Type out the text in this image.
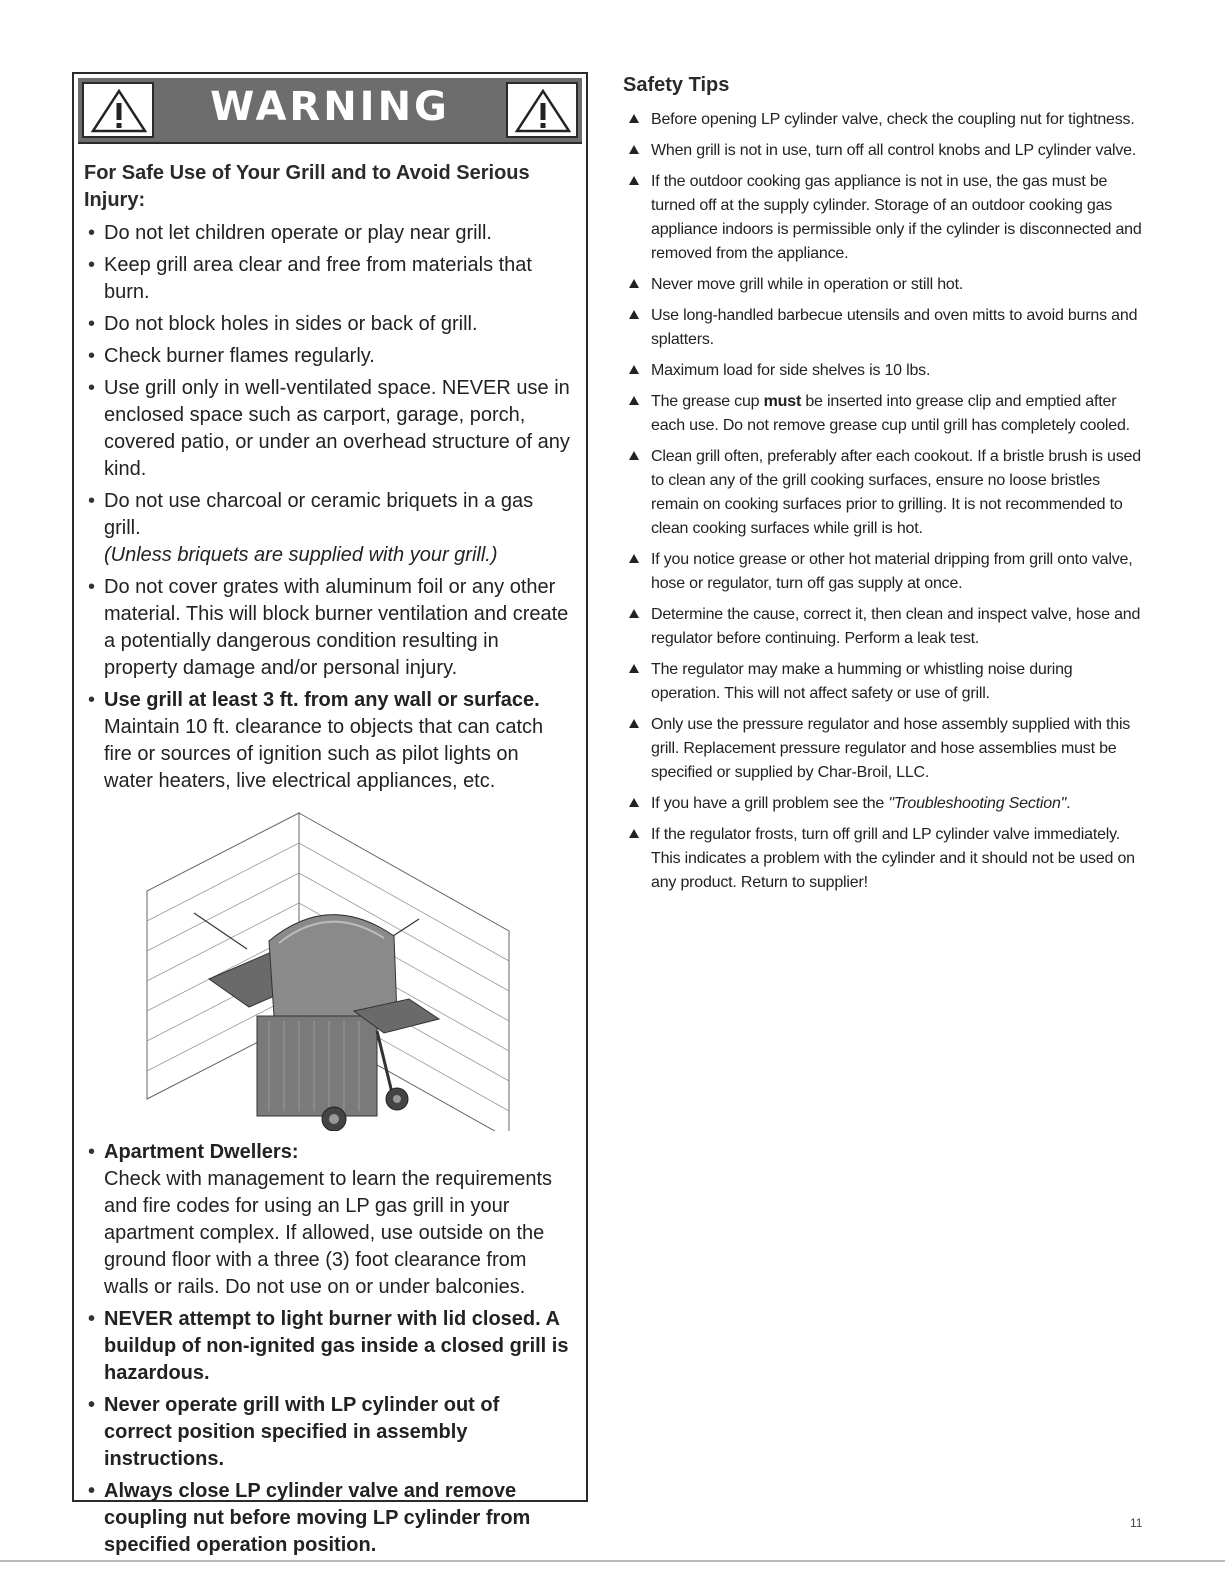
WARNING

For Safe Use of Your Grill and to Avoid Serious Injury:

• Do not let children operate or play near grill.
• Keep grill area clear and free from materials that burn.
• Do not block holes in sides or back of grill.
• Check burner flames regularly.
• Use grill only in well-ventilated space. NEVER use in enclosed space such as carport, garage, porch, covered patio, or under an overhead structure of any kind.
• Do not use charcoal or ceramic briquets in a gas grill.
(Unless briquets are supplied with your grill.)
• Do not cover grates with aluminum foil or any other material. This will block burner ventilation and create a potentially dangerous condition resulting in property damage and/or personal injury.
• Use grill at least 3 ft. from any wall or surface.
Maintain 10 ft. clearance to objects that can catch fire or sources of ignition such as pilot lights on water heaters, live electrical appliances, etc.
• Apartment Dwellers:
Check with management to learn the requirements and fire codes for using an LP gas grill in your apartment complex. If allowed, use outside on the ground floor with a three (3) foot clearance from walls or rails. Do not use on or under balconies.
• NEVER attempt to light burner with lid closed. A buildup of non-ignited gas inside a closed grill is hazardous.
• Never operate grill with LP cylinder out of correct position specified in assembly instructions.
• Always close LP cylinder valve and remove coupling nut before moving LP cylinder from specified operation position.

Safety Tips

Before opening LP cylinder valve, check the coupling nut for tightness.
When grill is not in use, turn off all control knobs and LP cylinder valve.
If the outdoor cooking gas appliance is not in use, the gas must be turned off at the supply cylinder. Storage of an outdoor cooking gas appliance indoors is permissible only if the cylinder is disconnected and removed from the appliance.
Never move grill while in operation or still hot.
Use long-handled barbecue utensils and oven mitts to avoid burns and splatters.
Maximum load for side shelves is 10 lbs.
The grease cup must be inserted into grease clip and emptied after each use. Do not remove grease cup until grill has completely cooled.
Clean grill often, preferably after each cookout. If a bristle brush is used to clean any of the grill cooking surfaces, ensure no loose bristles remain on cooking surfaces prior to grilling. It is not recommended to clean cooking surfaces while grill is hot.
If you notice grease or other hot material dripping from grill onto valve, hose or regulator, turn off gas supply at once.
Determine the cause, correct it, then clean and inspect valve, hose and regulator before continuing. Perform a leak test.
The regulator may make a humming or whistling noise during operation. This will not affect safety or use of grill.
Only use the pressure regulator and hose assembly supplied with this grill. Replacement pressure regulator and hose assemblies must be specified or supplied by Char-Broil, LLC.
If you have a grill problem see the "Troubleshooting Section".
If the regulator frosts, turn off grill and LP cylinder valve immediately. This indicates a problem with the cylinder and it should not be used on any product. Return to supplier!
11
